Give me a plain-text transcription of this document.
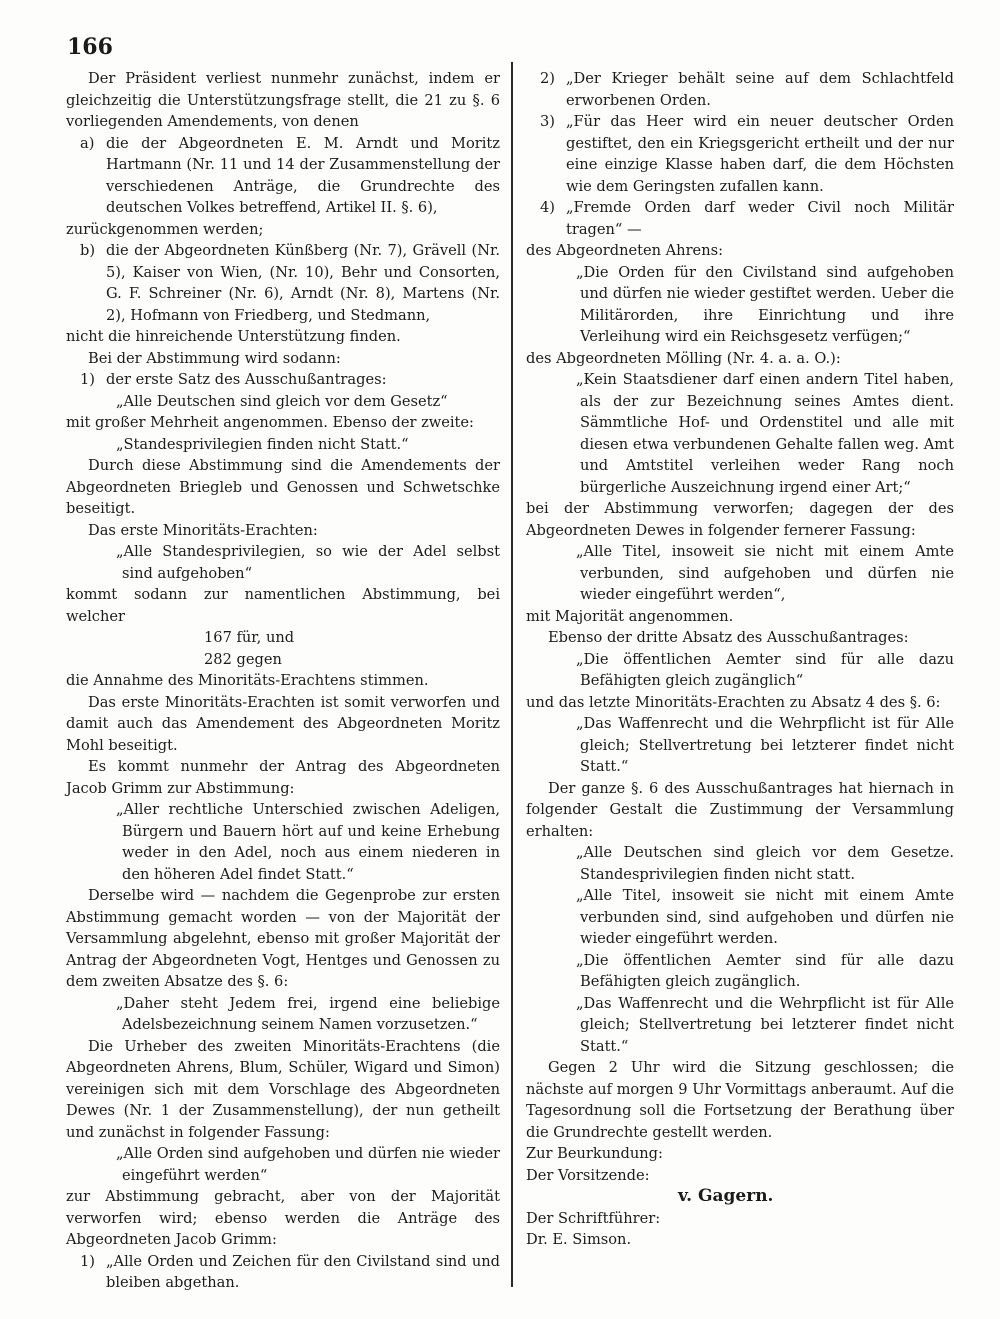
166

Der Präsident verliest nunmehr zunächst, indem er gleichzeitig die Unterstützungsfrage stellt, die 21 zu §. 6 vorliegenden Amendements, von denen

a) die der Abgeordneten E. M. Arndt und Moritz Hartmann (Nr. 11 und 14 der Zusammenstellung der verschiedenen Anträge, die Grundrechte des deutschen Volkes betreffend, Artikel II. §. 6),

zurückgenommen werden;

b) die der Abgeordneten Künßberg (Nr. 7), Grävell (Nr. 5), Kaiser von Wien, (Nr. 10), Behr und Consorten, G. F. Schreiner (Nr. 6), Arndt (Nr. 8), Martens (Nr. 2), Hofmann von Friedberg, und Stedmann,

nicht die hinreichende Unterstützung finden.

Bei der Abstimmung wird sodann:

1) der erste Satz des Ausschußantrages:

„Alle Deutschen sind gleich vor dem Gesetz“

mit großer Mehrheit angenommen. Ebenso der zweite:

„Standesprivilegien finden nicht Statt.“

Durch diese Abstimmung sind die Amendements der Abgeordneten Briegleb und Genossen und Schwetschke beseitigt.

Das erste Minoritäts-Erachten:

„Alle Standesprivilegien, so wie der Adel selbst sind aufgehoben“

kommt sodann zur namentlichen Abstimmung, bei welcher

167 für, und

282 gegen

die Annahme des Minoritäts-Erachtens stimmen.

Das erste Minoritäts-Erachten ist somit verworfen und damit auch das Amendement des Abgeordneten Moritz Mohl beseitigt.

Es kommt nunmehr der Antrag des Abgeordneten Jacob Grimm zur Abstimmung:

„Aller rechtliche Unterschied zwischen Adeligen, Bürgern und Bauern hört auf und keine Erhebung weder in den Adel, noch aus einem niederen in den höheren Adel findet Statt.“

Derselbe wird — nachdem die Gegenprobe zur ersten Abstimmung gemacht worden — von der Majorität der Versammlung abgelehnt, ebenso mit großer Majorität der Antrag der Abgeordneten Vogt, Hentges und Genossen zu dem zweiten Absatze des §. 6:

„Daher steht Jedem frei, irgend eine beliebige Adelsbezeichnung seinem Namen vorzusetzen.“

Die Urheber des zweiten Minoritäts-Erachtens (die Abgeordneten Ahrens, Blum, Schüler, Wigard und Simon) vereinigen sich mit dem Vorschlage des Abgeordneten Dewes (Nr. 1 der Zusammenstellung), der nun getheilt und zunächst in folgender Fassung:

„Alle Orden sind aufgehoben und dürfen nie wieder eingeführt werden“

zur Abstimmung gebracht, aber von der Majorität verworfen wird; ebenso werden die Anträge des Abgeordneten Jacob Grimm:

1) „Alle Orden und Zeichen für den Civilstand sind und bleiben abgethan.
2) „Der Krieger behält seine auf dem Schlachtfeld erworbenen Orden.
3) „Für das Heer wird ein neuer deutscher Orden gestiftet, den ein Kriegsgericht ertheilt und der nur eine einzige Klasse haben darf, die dem Höchsten wie dem Geringsten zufallen kann.
4) „Fremde Orden darf weder Civil noch Militär tragen“ —

des Abgeordneten Ahrens:

„Die Orden für den Civilstand sind aufgehoben und dürfen nie wieder gestiftet werden. Ueber die Militärorden, ihre Einrichtung und ihre Verleihung wird ein Reichsgesetz verfügen;“

des Abgeordneten Mölling (Nr. 4. a. a. O.):

„Kein Staatsdiener darf einen andern Titel haben, als der zur Bezeichnung seines Amtes dient. Sämmtliche Hof- und Ordenstitel und alle mit diesen etwa verbundenen Gehalte fallen weg. Amt und Amtstitel verleihen weder Rang noch bürgerliche Auszeichnung irgend einer Art;“

bei der Abstimmung verworfen; dagegen der des Abgeordneten Dewes in folgender fernerer Fassung:

„Alle Titel, insoweit sie nicht mit einem Amte verbunden, sind aufgehoben und dürfen nie wieder eingeführt werden“,

mit Majorität angenommen.

Ebenso der dritte Absatz des Ausschußantrages:

„Die öffentlichen Aemter sind für alle dazu Befähigten gleich zugänglich“

und das letzte Minoritäts-Erachten zu Absatz 4 des §. 6:

„Das Waffenrecht und die Wehrpflicht ist für Alle gleich; Stellvertretung bei letzterer findet nicht Statt.“

Der ganze §. 6 des Ausschußantrages hat hiernach in folgender Gestalt die Zustimmung der Versammlung erhalten:

„Alle Deutschen sind gleich vor dem Gesetze. Standesprivilegien finden nicht statt.

„Alle Titel, insoweit sie nicht mit einem Amte verbunden sind, sind aufgehoben und dürfen nie wieder eingeführt werden.

„Die öffentlichen Aemter sind für alle dazu Befähigten gleich zugänglich.

„Das Waffenrecht und die Wehrpflicht ist für Alle gleich; Stellvertretung bei letzterer findet nicht Statt.“

Gegen 2 Uhr wird die Sitzung geschlossen; die nächste auf morgen 9 Uhr Vormittags anberaumt. Auf die Tagesordnung soll die Fortsetzung der Berathung über die Grundrechte gestellt werden.

Zur Beurkundung:

Der Vorsitzende:

v. Gagern.

Der Schriftführer:

Dr. E. Simson.
